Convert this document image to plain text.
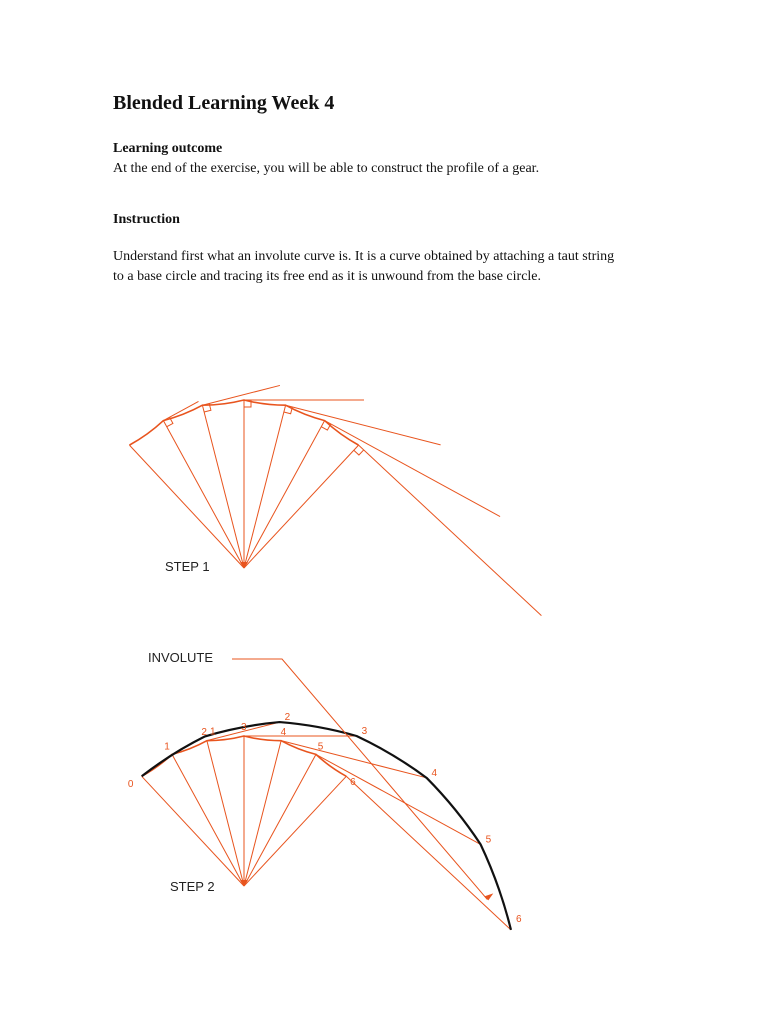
Blended Learning Week 4
Learning outcome

At the end of the exercise, you will be able to construct the profile of a gear.

Instruction

Understand first what an involute curve is. It is a curve obtained by attaching a taut string

to a base circle and tracing its free end as it is unwound from the base circle.

STEP 1
INVOLUTE
STEP 2
0
1
2	3	4
5
6
1
2
3
4
5
6
